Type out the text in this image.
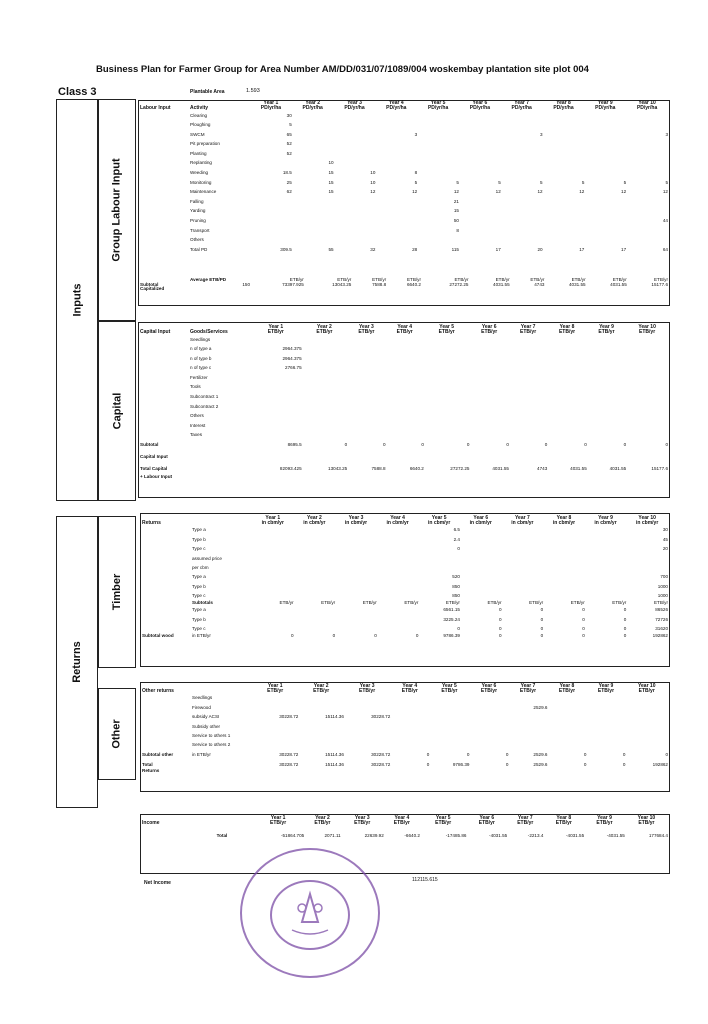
Business Plan for Farmer Group for Area Number AM/DD/031/07/1089/004 woskembay plantation site plot 004
Class 3	Plantable Area	1.593
Inputs
Group Labour Input
Capital
		Year 1	Year 2	Year 3	Year 4	Year 5	Year 6	Year 7	Year 8	Year 9	Year 10
Labour Input	Activity	PD/yr/ha	PD/yr/ha	PD/yr/ha	PD/yr/ha	PD/yr/ha	PD/yr/ha	PD/yr/ha	PD/yr/ha	PD/yr/ha	PD/yr/ha
	Clearing	30									
	Ploughing	5									
	SWCM	65			3			3			3
	Pit preparation	52									
	Planting	52									
	Replanting		10								
	Weeding	18.5	15	10	8						
	Monitoring	25	15	10	5	5	5	5	5	5	5
	Maintenance	62	15	12	12	12	12	12	12	12	12
	Falling					21					
	Yarding					15					
	Pruning					50					44
	Transport					8					
	Others										
	Total PD	309.5	55	32	28	115	17	20	17	17	64
	Average ETB/PD	ETB/yr	ETB/yr	ETB/yr	ETB/yr	ETB/yr	ETB/yr	ETB/yr	ETB/yr	ETB/yr	ETB/yr
Subtotal	150	73397.925	13043.25	7588.8	6640.2	27272.25	4031.55	4743	4031.55	4031.55	15177.6
Capitalized											
		Year 1	Year 2	Year 3	Year 4	Year 5	Year 6	Year 7	Year 8	Year 9	Year 10
Capital Input	Goods/Services	ETB/yr	ETB/yr	ETB/yr	ETB/yr	ETB/yr	ETB/yr	ETB/yr	ETB/yr	ETB/yr	ETB/yr
	Seedlings										
	n of type a	2964.375									
	n of type b	2964.375									
	n of type c	2766.75									
	Fertilizer										
	Tools										
	Subcontract 1										
	Subcontract 2										
	Others										
	Interest										
	Taxes										
Subtotal		8695.5	0	0	0	0	0	0	0	0	0
Capital Input											
Total Capital		82093.425	13043.25	7588.8	6640.2	27272.25	4031.55	4743	4031.55	4031.55	15177.6
+ Labour Input											
Returns
Timber
Other
		Year 1	Year 2	Year 3	Year 4	Year 5	Year 6	Year 7	Year 8	Year 9	Year 10
Returns		in cbm/yr	in cbm/yr	in cbm/yr	in cbm/yr	in cbm/yr	in cbm/yr	in cbm/yr	in cbm/yr	in cbm/yr	in cbm/yr
	Type a					6.5					30
	Type b					2.4					45
	Type c					0					20
	assumed price										
	per cbm										
	Type a					520					700
	Type b					850					1000
	Type c					850					1000
	Subtotals	ETB/yr	ETB/yr	ETB/yr	ETB/yr	ETB/yr	ETB/yr	ETB/yr	ETB/yr	ETB/yr	ETB/yr
	Type a					6561.15	0	0	0	0	86526
	Type b					3225.24	0	0	0	0	72726
	Type c					0	0	0	0	0	31620
Subtotal wood	in ETB/yr	0	0	0	0	9786.39	0	0	0	0	192862
		Year 1	Year 2	Year 3	Year 4	Year 5	Year 6	Year 7	Year 8	Year 9	Year 10
Other returns		ETB/yr	ETB/yr	ETB/yr	ETB/yr	ETB/yr	ETB/yr	ETB/yr	ETB/yr	ETB/yr	ETB/yr
	Seedlings										
	Firewood							2529.6			
	subsidy ACSI	30228.72	15114.36	30228.72							
	Subsidy other										
	Service to others 1										
	Service to others 2										
Subtotal other	in ETB/yr	30228.72	15114.36	30228.72	0	0	0	2529.6	0	0	0
Total		30228.72	15114.36	30228.72	0	9786.39	0	2529.6	0	0	192862
Returns											
		Year 1	Year 2	Year 3	Year 4	Year 5	Year 6	Year 7	Year 8	Year 9	Year 10
Income		ETB/yr	ETB/yr	ETB/yr	ETB/yr	ETB/yr	ETB/yr	ETB/yr	ETB/yr	ETB/yr	ETB/yr
	Total	-51864.705	2071.11	22639.92	-6640.2	-17485.86	-4031.55	-2213.4	-4031.55	-4031.55	177684.4
Net Income	112115.615
